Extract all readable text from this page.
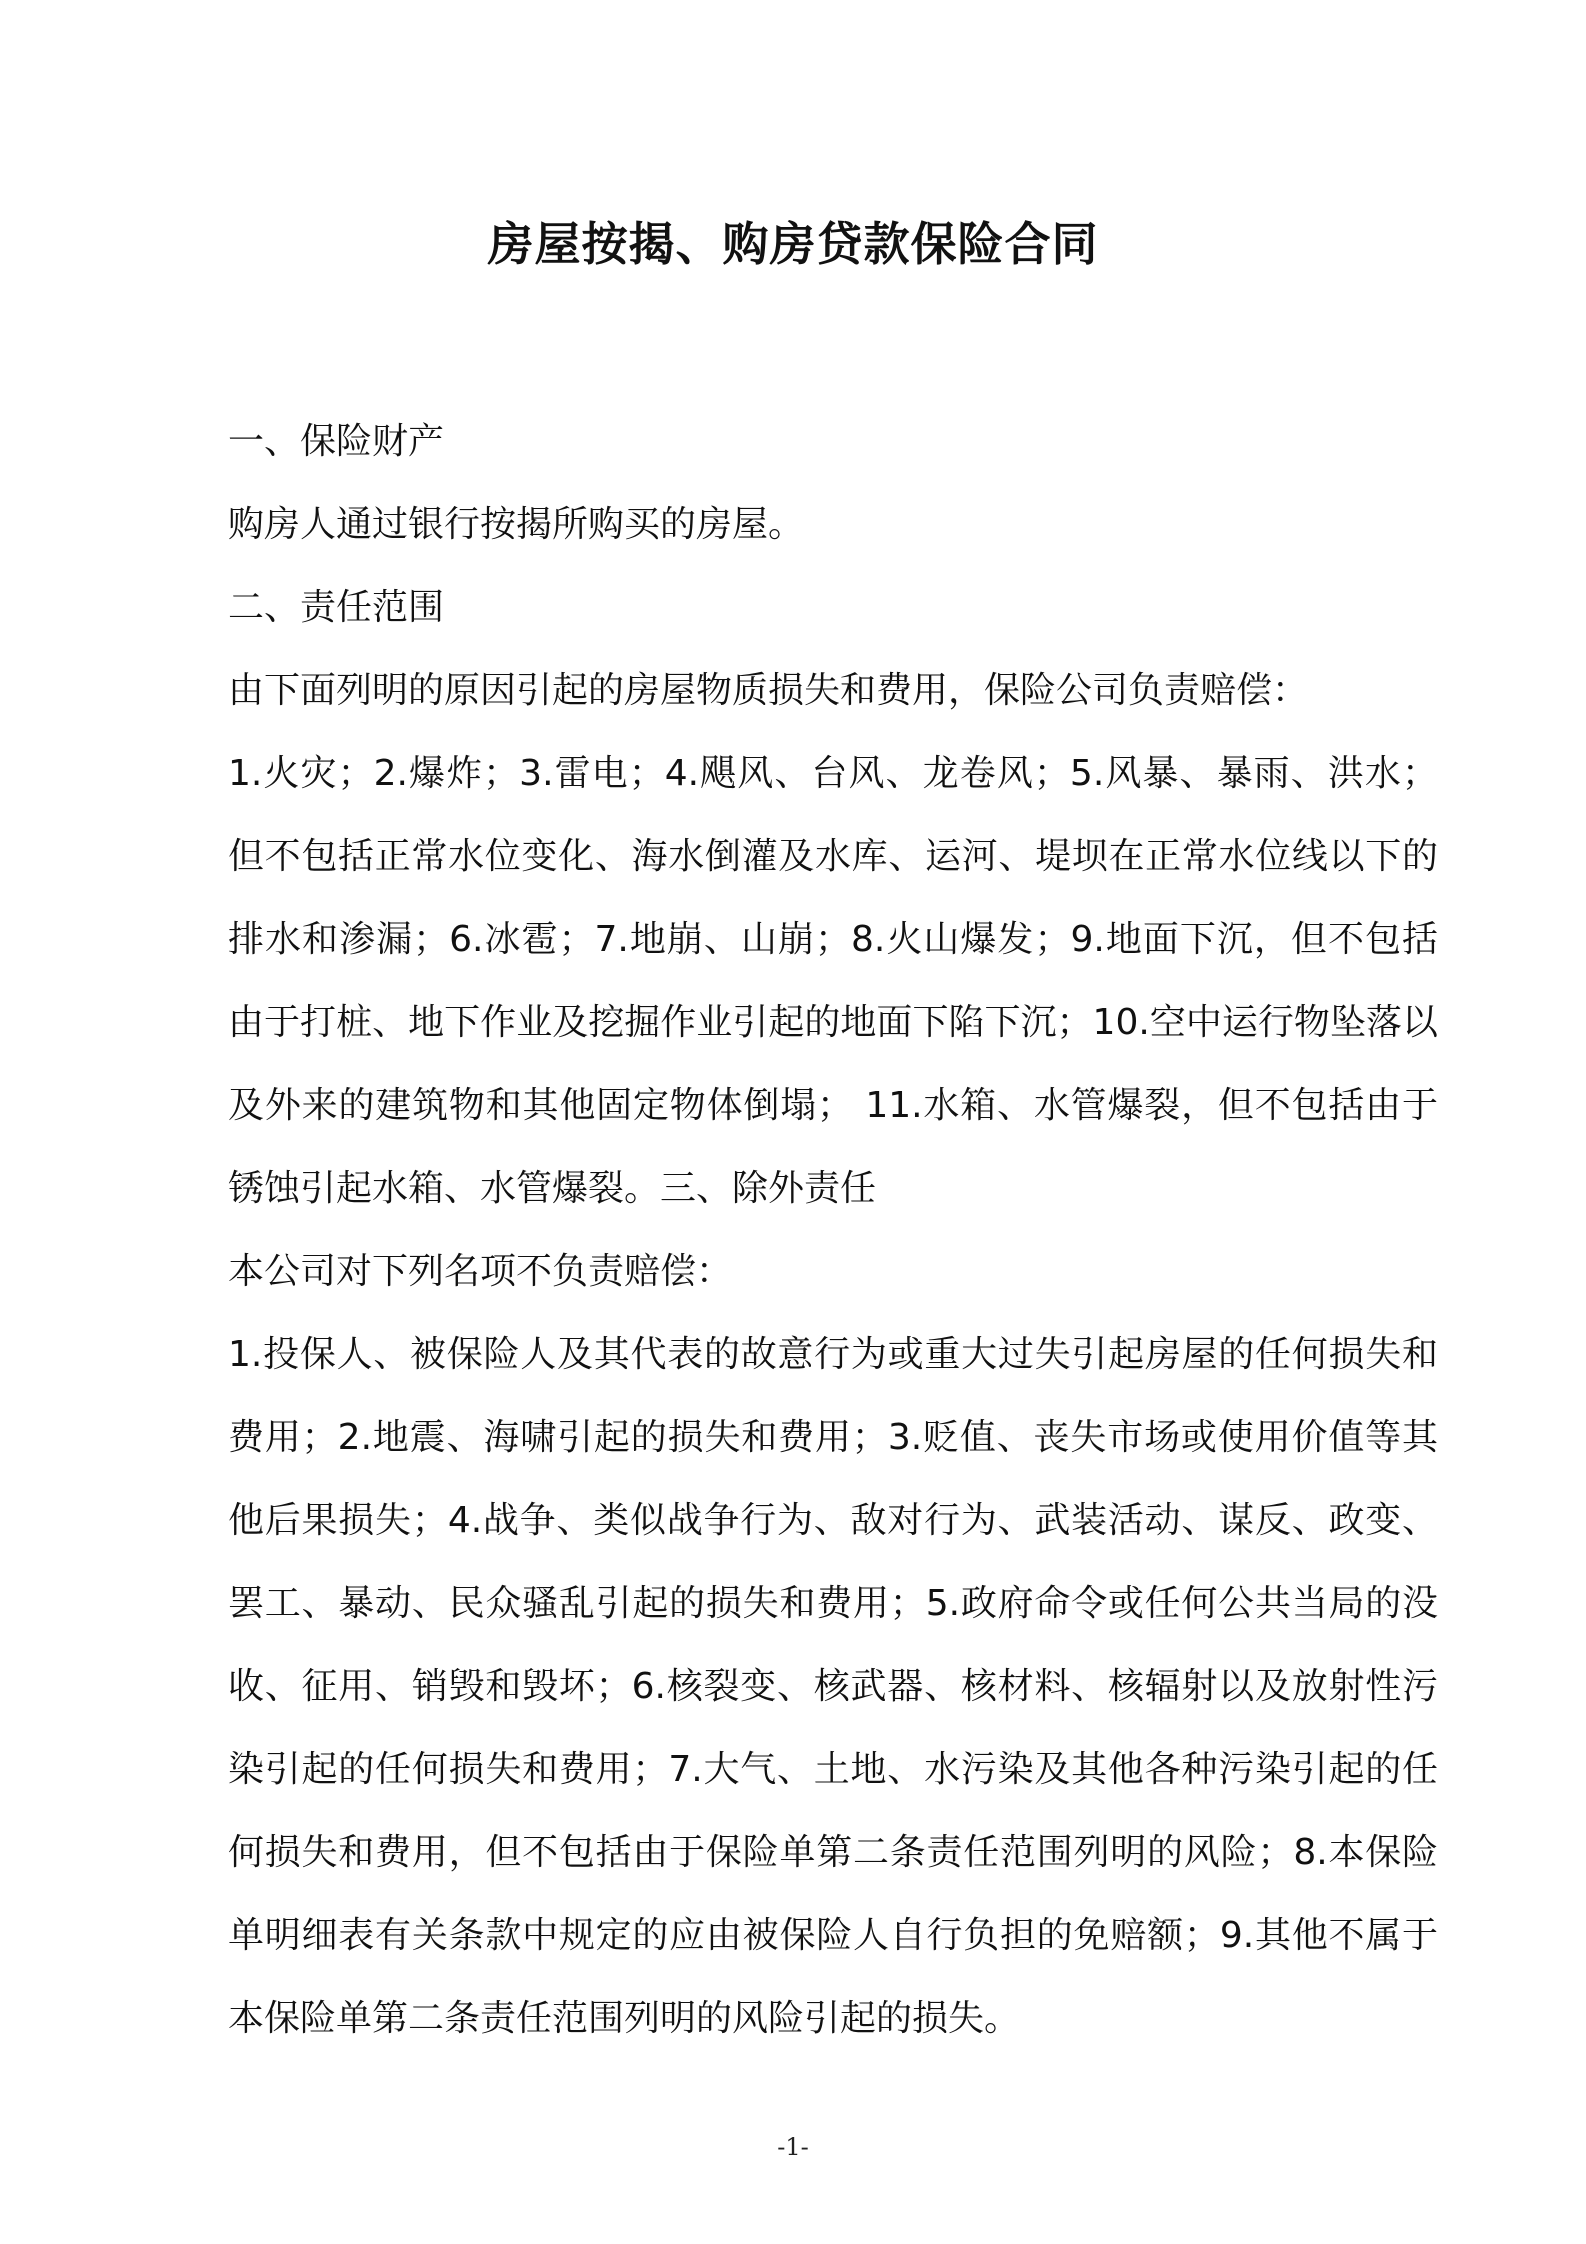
房屋按揭、购房贷款保险合同

一、保险财产

购房人通过银行按揭所购买的房屋。

二、责任范围

由下面列明的原因引起的房屋物质损失和费用，保险公司负责赔偿：

1.火灾；2.爆炸；3.雷电；4.飓风、台风、龙卷风；5.风暴、暴雨、洪水；但不包括正常水位变化、海水倒灌及水库、运河、堤坝在正常水位线以下的排水和渗漏；6.冰雹；7.地崩、山崩；8.火山爆发；9.地面下沉，但不包括由于打桩、地下作业及挖掘作业引起的地面下陷下沉；10.空中运行物坠落以及外来的建筑物和其他固定物体倒塌； 11.水箱、水管爆裂，但不包括由于锈蚀引起水箱、水管爆裂。三、除外责任

本公司对下列名项不负责赔偿：

1.投保人、被保险人及其代表的故意行为或重大过失引起房屋的任何损失和费用；2.地震、海啸引起的损失和费用；3.贬值、丧失市场或使用价值等其他后果损失；4.战争、类似战争行为、敌对行为、武装活动、谋反、政变、罢工、暴动、民众骚乱引起的损失和费用；5.政府命令或任何公共当局的没收、征用、销毁和毁坏；6.核裂变、核武器、核材料、核辐射以及放射性污染引起的任何损失和费用；7.大气、土地、水污染及其他各种污染引起的任何损失和费用，但不包括由于保险单第二条责任范围列明的风险；8.本保险单明细表有关条款中规定的应由被保险人自行负担的免赔额；9.其他不属于本保险单第二条责任范围列明的风险引起的损失。

-1-
